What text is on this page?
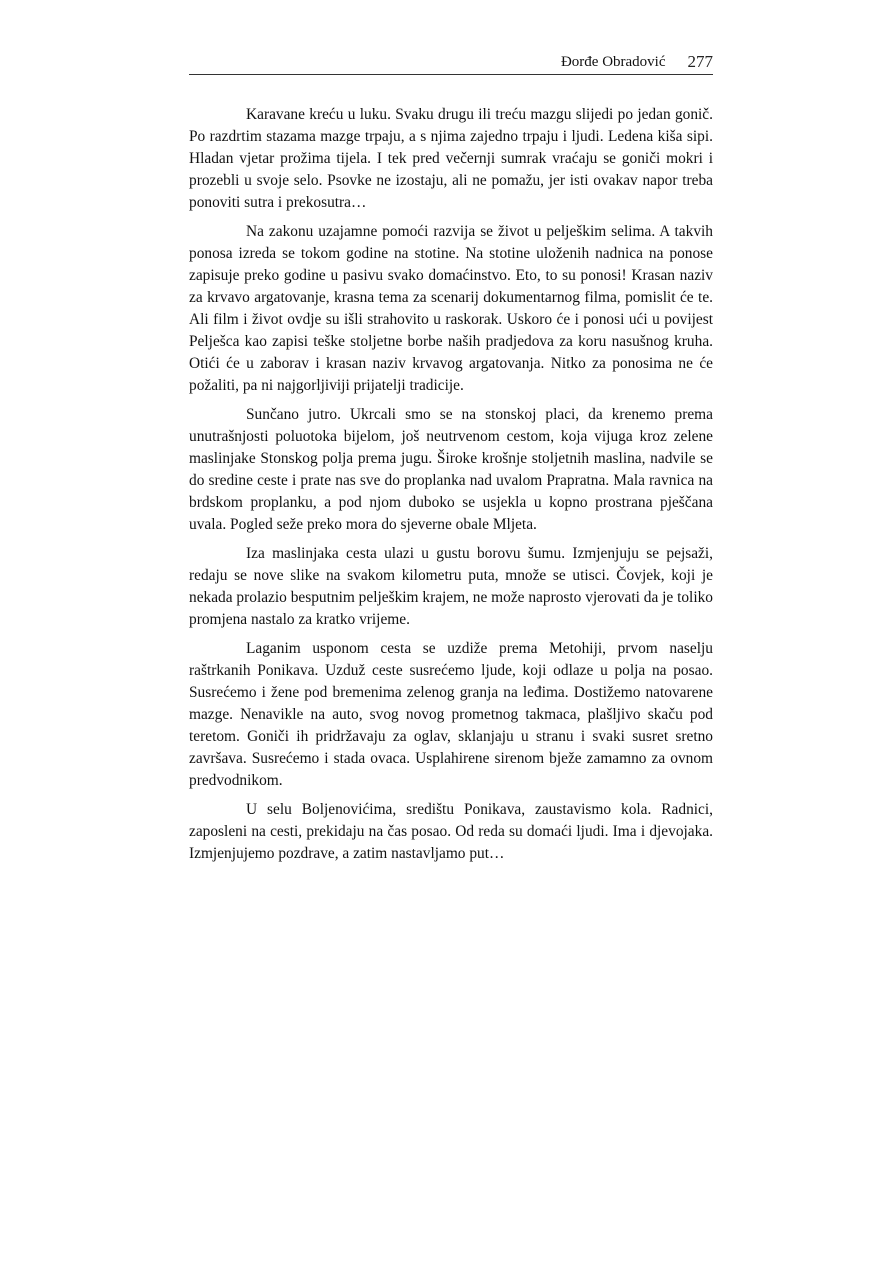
Đorđe Obradović 277

Karavane kreću u luku. Svaku drugu ili treću mazgu slijedi po jedan gonič. Po razdrtim stazama mazge trpaju, a s njima zajedno trpaju i ljudi. Ledena kiša sipi. Hladan vjetar prožima tijela. I tek pred večernji sumrak vraćaju se goniči mokri i prozebli u svoje selo. Psovke ne izostaju, ali ne pomažu, jer isti ovakav napor treba ponoviti sutra i prekosutra…

Na zakonu uzajamne pomoći razvija se život u pelješkim selima. A takvih ponosa izreda se tokom godine na stotine. Na stotine uloženih nadnica na ponose zapisuje preko godine u pasivu svako domaćinstvo. Eto, to su ponosi! Krasan naziv za krvavo argatovanje, krasna tema za scenarij dokumentarnog filma, pomislit će te. Ali film i život ovdje su išli strahovito u raskorak. Uskoro će i ponosi ući u povijest Pelješca kao zapisi teške stoljetne borbe naših pradjedova za koru nasušnog kruha. Otići će u zaborav i krasan naziv krvavog argatovanja. Nitko za ponosima ne će požaliti, pa ni najgorljiviji prijatelji tradicije.

Sunčano jutro. Ukrcali smo se na stonskoj placi, da krenemo prema unutrašnjosti poluotoka bijelom, još neutrvenom cestom, koja vijuga kroz zelene maslinjake Stonskog polja prema jugu. Široke krošnje stoljetnih maslina, nadvile se do sredine ceste i prate nas sve do proplanka nad uvalom Prapratna. Mala ravnica na brdskom proplanku, a pod njom duboko se usjekla u kopno prostrana pješčana uvala. Pogled seže preko mora do sjeverne obale Mljeta.

Iza maslinjaka cesta ulazi u gustu borovu šumu. Izmjenjuju se pejsaži, redaju se nove slike na svakom kilometru puta, množe se utisci. Čovjek, koji je nekada prolazio besputnim pelješkim krajem, ne može naprosto vjerovati da je toliko promjena nastalo za kratko vrijeme.

Laganim usponom cesta se uzdiže prema Metohiji, prvom naselju raštrkanih Ponikava. Uzduž ceste susrećemo ljude, koji odlaze u polja na posao. Susrećemo i žene pod bremenima zelenog granja na leđima. Dostižemo natovarene mazge. Nenavikle na auto, svog novog prometnog takmaca, plašljivo skaču pod teretom. Goniči ih pridržavaju za oglav, sklanjaju u stranu i svaki susret sretno završava. Susrećemo i stada ovaca. Usplahirene sirenom bježe zamamno za ovnom predvodnikom.

U selu Boljenovićima, središtu Ponikava, zaustavismo kola. Radnici, zaposleni na cesti, prekidaju na čas posao. Od reda su domaći ljudi. Ima i djevojaka. Izmjenjujemo pozdrave, a zatim nastavljamo put…
